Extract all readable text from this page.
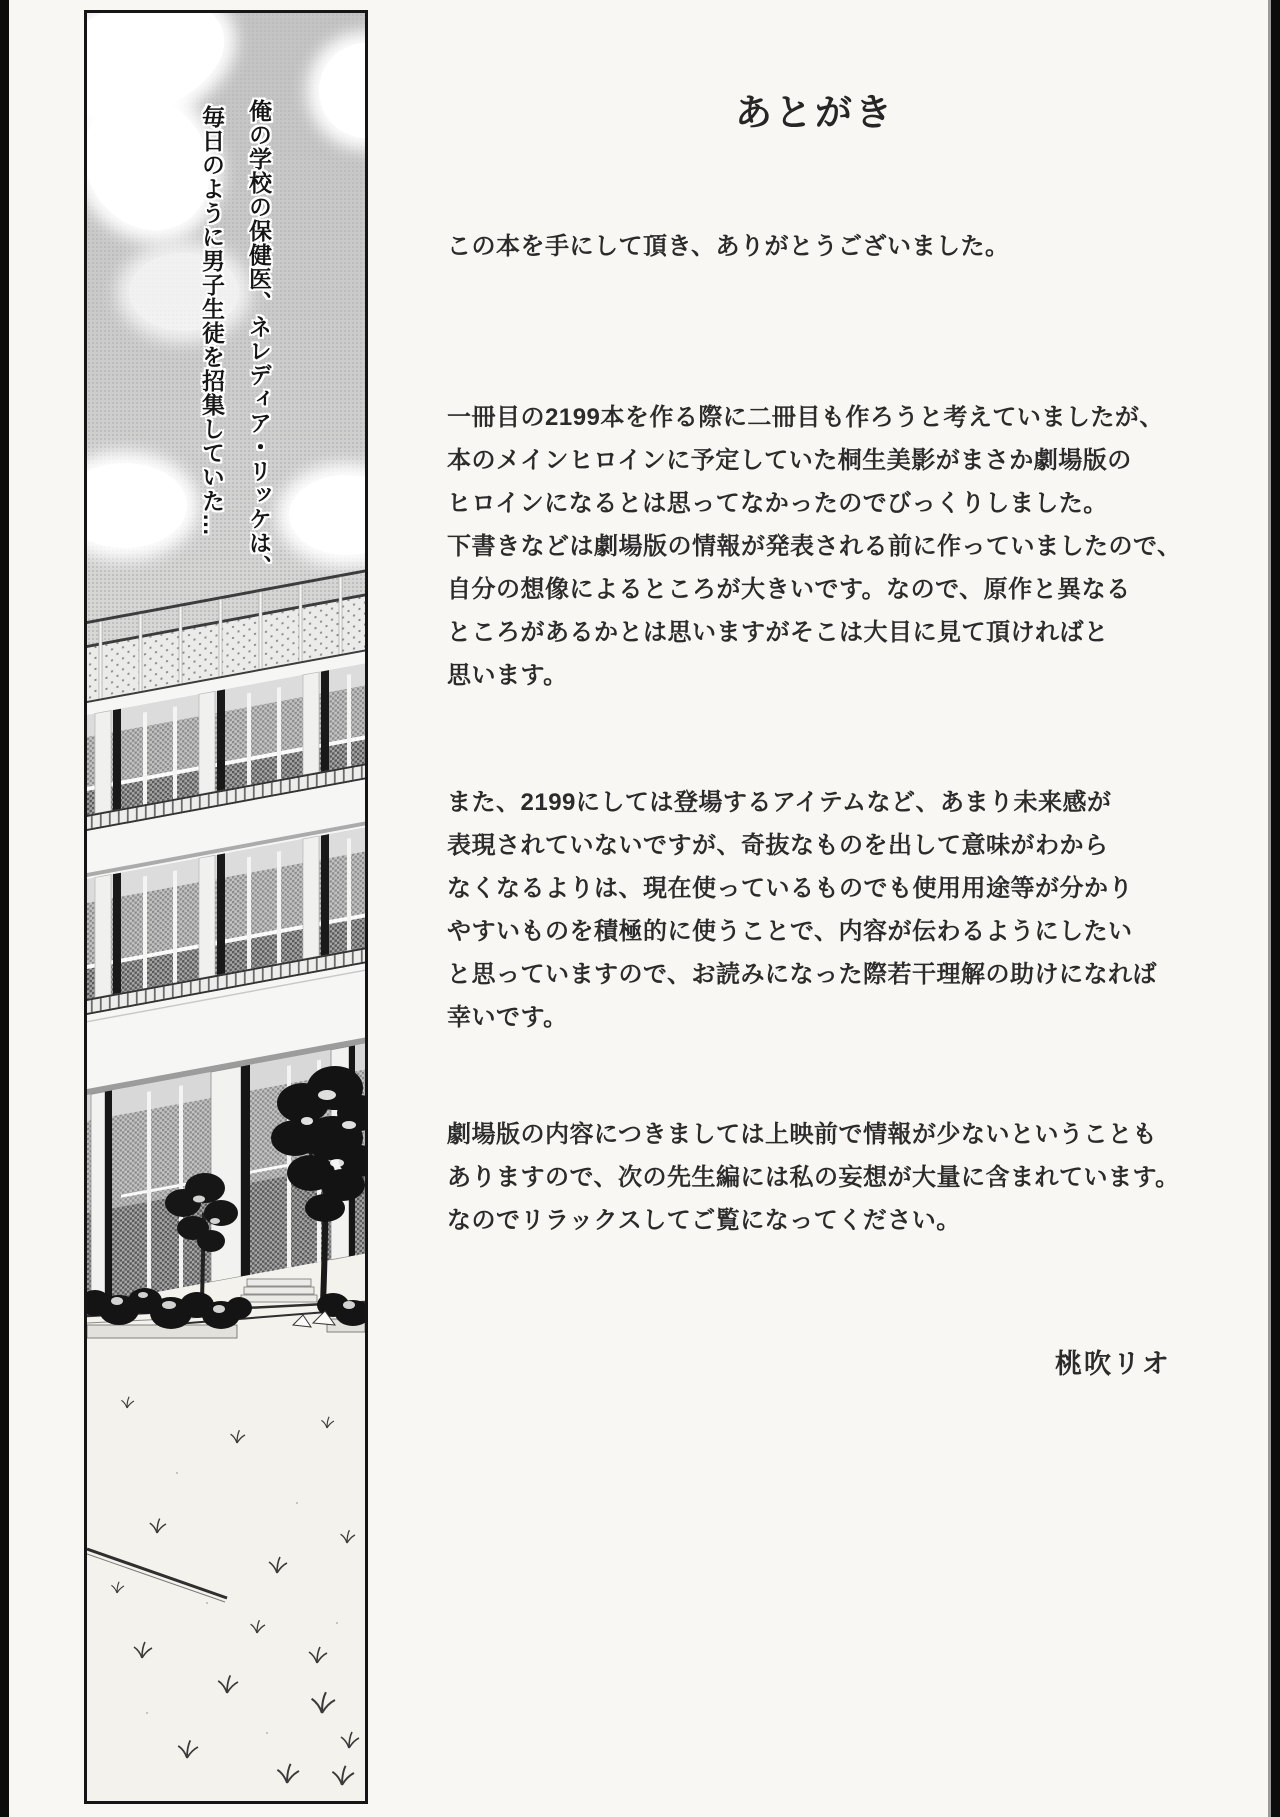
俺の学校の保健医、ネレディア・リッケは、
毎日のように男子生徒を招集していた…	あとがき
この本を手にして頂き、ありがとうございました。
一冊目の2199本を作る際に二冊目も作ろうと考えていましたが、
本のメインヒロインに予定していた桐生美影がまさか劇場版の
ヒロインになるとは思ってなかったのでびっくりしました。
下書きなどは劇場版の情報が発表される前に作っていましたので、
自分の想像によるところが大きいです。なので、原作と異なる
ところがあるかとは思いますがそこは大目に見て頂ければと
思います。
また、2199にしては登場するアイテムなど、あまり未来感が
表現されていないですが、奇抜なものを出して意味がわから
なくなるよりは、現在使っているものでも使用用途等が分かり
やすいものを積極的に使うことで、内容が伝わるようにしたい
と思っていますので、お読みになった際若干理解の助けになれば
幸いです。
劇場版の内容につきましては上映前で情報が少ないということも
ありますので、次の先生編には私の妄想が大量に含まれています。
なのでリラックスしてご覧になってください。
桃吹リオ
